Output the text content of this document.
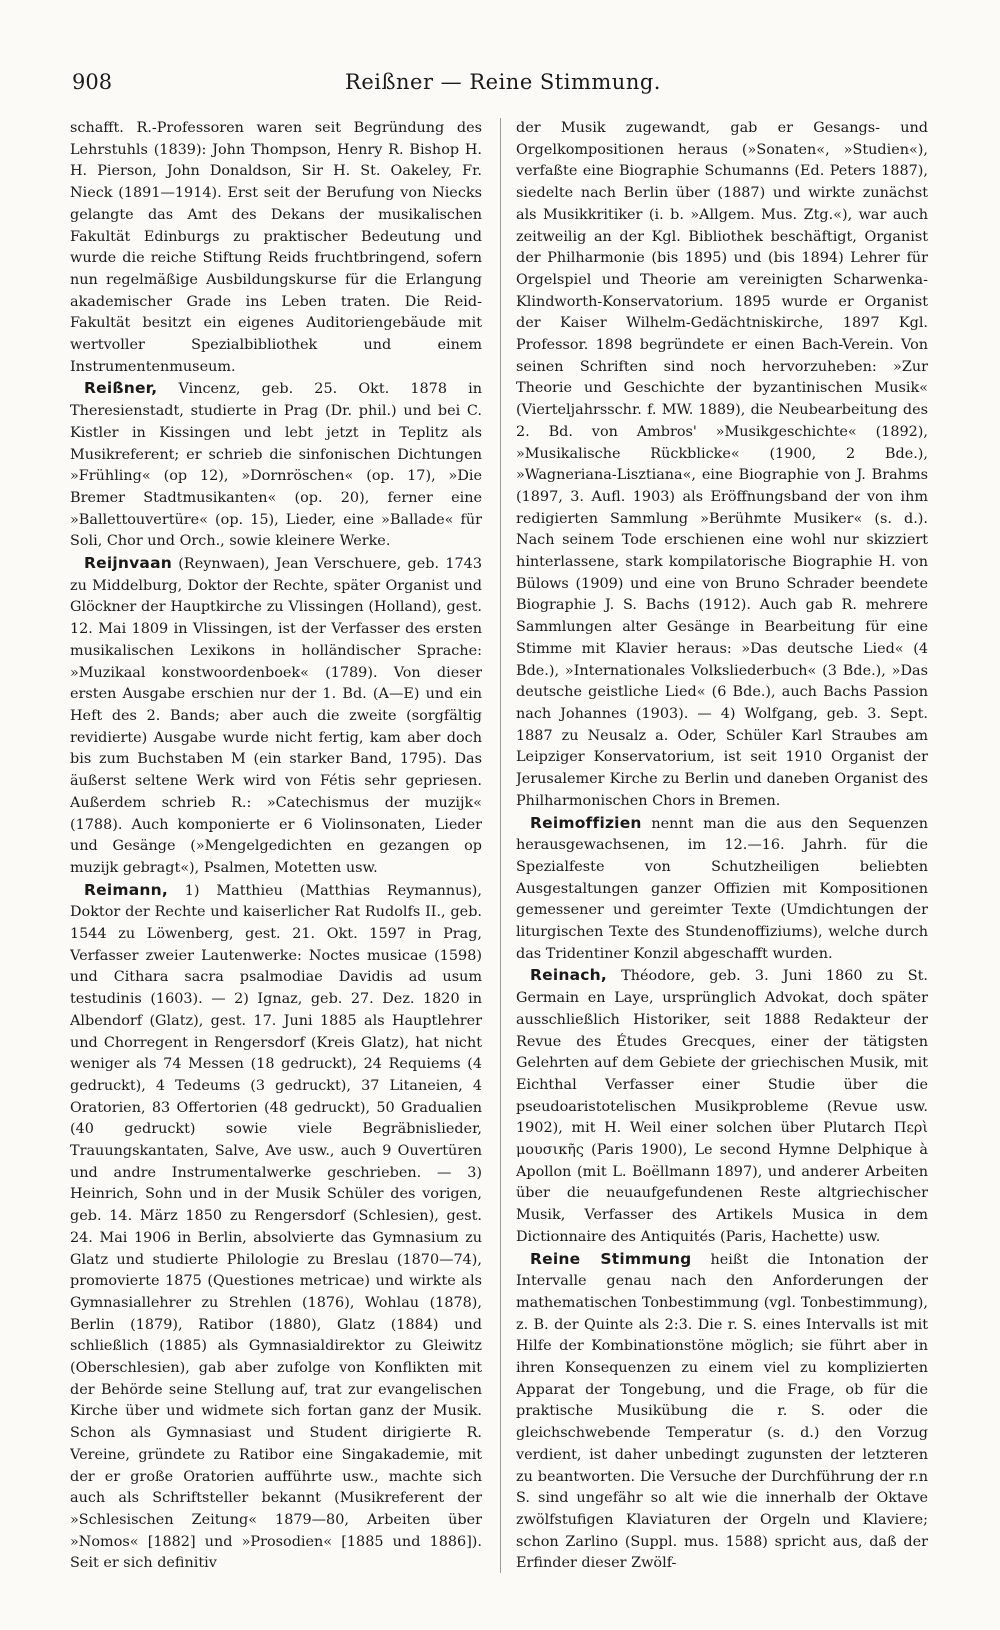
908	Reißner — Reine Stimmung.

schafft. R.-Professoren waren seit Begründung des Lehrstuhls (1839): John Thompson, Henry R. Bishop H. H. Pierson, John Donaldson, Sir H. St. Oakeley, Fr. Nieck (1891—1914). Erst seit der Berufung von Niecks gelangte das Amt des Dekans der musikalischen Fakultät Edinburgs zu praktischer Bedeutung und wurde die reiche Stiftung Reids fruchtbringend, sofern nun regelmäßige Ausbildungskurse für die Erlangung akademischer Grade ins Leben traten. Die Reid-Fakultät besitzt ein eigenes Auditoriengebäude mit wertvoller Spezialbibliothek und einem Instrumentenmuseum.

Reißner, Vincenz, geb. 25. Okt. 1878 in Theresienstadt, studierte in Prag (Dr. phil.) und bei C. Kistler in Kissingen und lebt jetzt in Teplitz als Musikreferent; er schrieb die sinfonischen Dichtungen »Frühling« (op 12), »Dornröschen« (op. 17), »Die Bremer Stadtmusikanten« (op. 20), ferner eine »Ballettouvertüre« (op. 15), Lieder, eine »Ballade« für Soli, Chor und Orch., sowie kleinere Werke.

Reijnvaan (Reynwaen), Jean Verschuere, geb. 1743 zu Middelburg, Doktor der Rechte, später Organist und Glöckner der Hauptkirche zu Vlissingen (Holland), gest. 12. Mai 1809 in Vlissingen, ist der Verfasser des ersten musikalischen Lexikons in holländischer Sprache: »Muzikaal konstwoordenboek« (1789). Von dieser ersten Ausgabe erschien nur der 1. Bd. (A—E) und ein Heft des 2. Bands; aber auch die zweite (sorgfältig revidierte) Ausgabe wurde nicht fertig, kam aber doch bis zum Buchstaben M (ein starker Band, 1795). Das äußerst seltene Werk wird von Fétis sehr gepriesen. Außerdem schrieb R.: »Catechismus der muzijk« (1788). Auch komponierte er 6 Violinsonaten, Lieder und Gesänge (»Mengelgedichten en gezangen op muzijk gebragt«), Psalmen, Motetten usw.

Reimann, 1) Matthieu (Matthias Reymannus), Doktor der Rechte und kaiserlicher Rat Rudolfs II., geb. 1544 zu Löwenberg, gest. 21. Okt. 1597 in Prag, Verfasser zweier Lautenwerke: Noctes musicae (1598) und Cithara sacra psalmodiae Davidis ad usum testudinis (1603). — 2) Ignaz, geb. 27. Dez. 1820 in Albendorf (Glatz), gest. 17. Juni 1885 als Hauptlehrer und Chorregent in Rengersdorf (Kreis Glatz), hat nicht weniger als 74 Messen (18 gedruckt), 24 Requiems (4 gedruckt), 4 Tedeums (3 gedruckt), 37 Litaneien, 4 Oratorien, 83 Offertorien (48 gedruckt), 50 Gradualien (40 gedruckt) sowie viele Begräbnislieder, Trauungskantaten, Salve, Ave usw., auch 9 Ouvertüren und andre Instrumentalwerke geschrieben. — 3) Heinrich, Sohn und in der Musik Schüler des vorigen, geb. 14. März 1850 zu Rengersdorf (Schlesien), gest. 24. Mai 1906 in Berlin, absolvierte das Gymnasium zu Glatz und studierte Philologie zu Breslau (1870—74), promovierte 1875 (Questiones metricae) und wirkte als Gymnasiallehrer zu Strehlen (1876), Wohlau (1878), Berlin (1879), Ratibor (1880), Glatz (1884) und schließlich (1885) als Gymnasialdirektor zu Gleiwitz (Oberschlesien), gab aber zufolge von Konflikten mit der Behörde seine Stellung auf, trat zur evangelischen Kirche über und widmete sich fortan ganz der Musik. Schon als Gymnasiast und Student dirigierte R. Vereine, gründete zu Ratibor eine Singakademie, mit der er große Oratorien aufführte usw., machte sich auch als Schriftsteller bekannt (Musikreferent der »Schlesischen Zeitung« 1879—80, Arbeiten über »Nomos« [1882] und »Prosodien« [1885 und 1886]). Seit er sich definitiv

der Musik zugewandt, gab er Gesangs- und Orgelkompositionen heraus (»Sonaten«, »Studien«), verfaßte eine Biographie Schumanns (Ed. Peters 1887), siedelte nach Berlin über (1887) und wirkte zunächst als Musikkritiker (i. b. »Allgem. Mus. Ztg.«), war auch zeitweilig an der Kgl. Bibliothek beschäftigt, Organist der Philharmonie (bis 1895) und (bis 1894) Lehrer für Orgelspiel und Theorie am vereinigten Scharwenka-Klindworth-Konservatorium. 1895 wurde er Organist der Kaiser Wilhelm-Gedächtniskirche, 1897 Kgl. Professor. 1898 begründete er einen Bach-Verein. Von seinen Schriften sind noch hervorzuheben: »Zur Theorie und Geschichte der byzantinischen Musik« (Vierteljahrsschr. f. MW. 1889), die Neubearbeitung des 2. Bd. von Ambros' »Musikgeschichte« (1892), »Musikalische Rückblicke« (1900, 2 Bde.), »Wagneriana-Lisztiana«, eine Biographie von J. Brahms (1897, 3. Aufl. 1903) als Eröffnungsband der von ihm redigierten Sammlung »Berühmte Musiker« (s. d.). Nach seinem Tode erschienen eine wohl nur skizziert hinterlassene, stark kompilatorische Biographie H. von Bülows (1909) und eine von Bruno Schrader beendete Biographie J. S. Bachs (1912). Auch gab R. mehrere Sammlungen alter Gesänge in Bearbeitung für eine Stimme mit Klavier heraus: »Das deutsche Lied« (4 Bde.), »Internationales Volksliederbuch« (3 Bde.), »Das deutsche geistliche Lied« (6 Bde.), auch Bachs Passion nach Johannes (1903). — 4) Wolfgang, geb. 3. Sept. 1887 zu Neusalz a. Oder, Schüler Karl Straubes am Leipziger Konservatorium, ist seit 1910 Organist der Jerusalemer Kirche zu Berlin und daneben Organist des Philharmonischen Chors in Bremen.

Reimoffizien nennt man die aus den Sequenzen herausgewachsenen, im 12.—16. Jahrh. für die Spezialfeste von Schutzheiligen beliebten Ausgestaltungen ganzer Offizien mit Kompositionen gemessener und gereimter Texte (Umdichtungen der liturgischen Texte des Stundenoffiziums), welche durch das Tridentiner Konzil abgeschafft wurden.

Reinach, Théodore, geb. 3. Juni 1860 zu St. Germain en Laye, ursprünglich Advokat, doch später ausschließlich Historiker, seit 1888 Redakteur der Revue des Études Grecques, einer der tätigsten Gelehrten auf dem Gebiete der griechischen Musik, mit Eichthal Verfasser einer Studie über die pseudoaristotelischen Musikprobleme (Revue usw. 1902), mit H. Weil einer solchen über Plutarch Περὶ μουσικῆς (Paris 1900), Le second Hymne Delphique à Apollon (mit L. Boëllmann 1897), und anderer Arbeiten über die neuaufgefundenen Reste altgriechischer Musik, Verfasser des Artikels Musica in dem Dictionnaire des Antiquités (Paris, Hachette) usw.

Reine Stimmung heißt die Intonation der Intervalle genau nach den Anforderungen der mathematischen Tonbestimmung (vgl. Tonbestimmung), z. B. der Quinte als 2:3. Die r. S. eines Intervalls ist mit Hilfe der Kombinationstöne möglich; sie führt aber in ihren Konsequenzen zu einem viel zu komplizierten Apparat der Tongebung, und die Frage, ob für die praktische Musikübung die r. S. oder die gleichschwebende Temperatur (s. d.) den Vorzug verdient, ist daher unbedingt zugunsten der letzteren zu beantworten. Die Versuche der Durchführung der r.n S. sind ungefähr so alt wie die innerhalb der Oktave zwölfstufigen Klaviaturen der Orgeln und Klaviere; schon Zarlino (Suppl. mus. 1588) spricht aus, daß der Erfinder dieser Zwölf-
